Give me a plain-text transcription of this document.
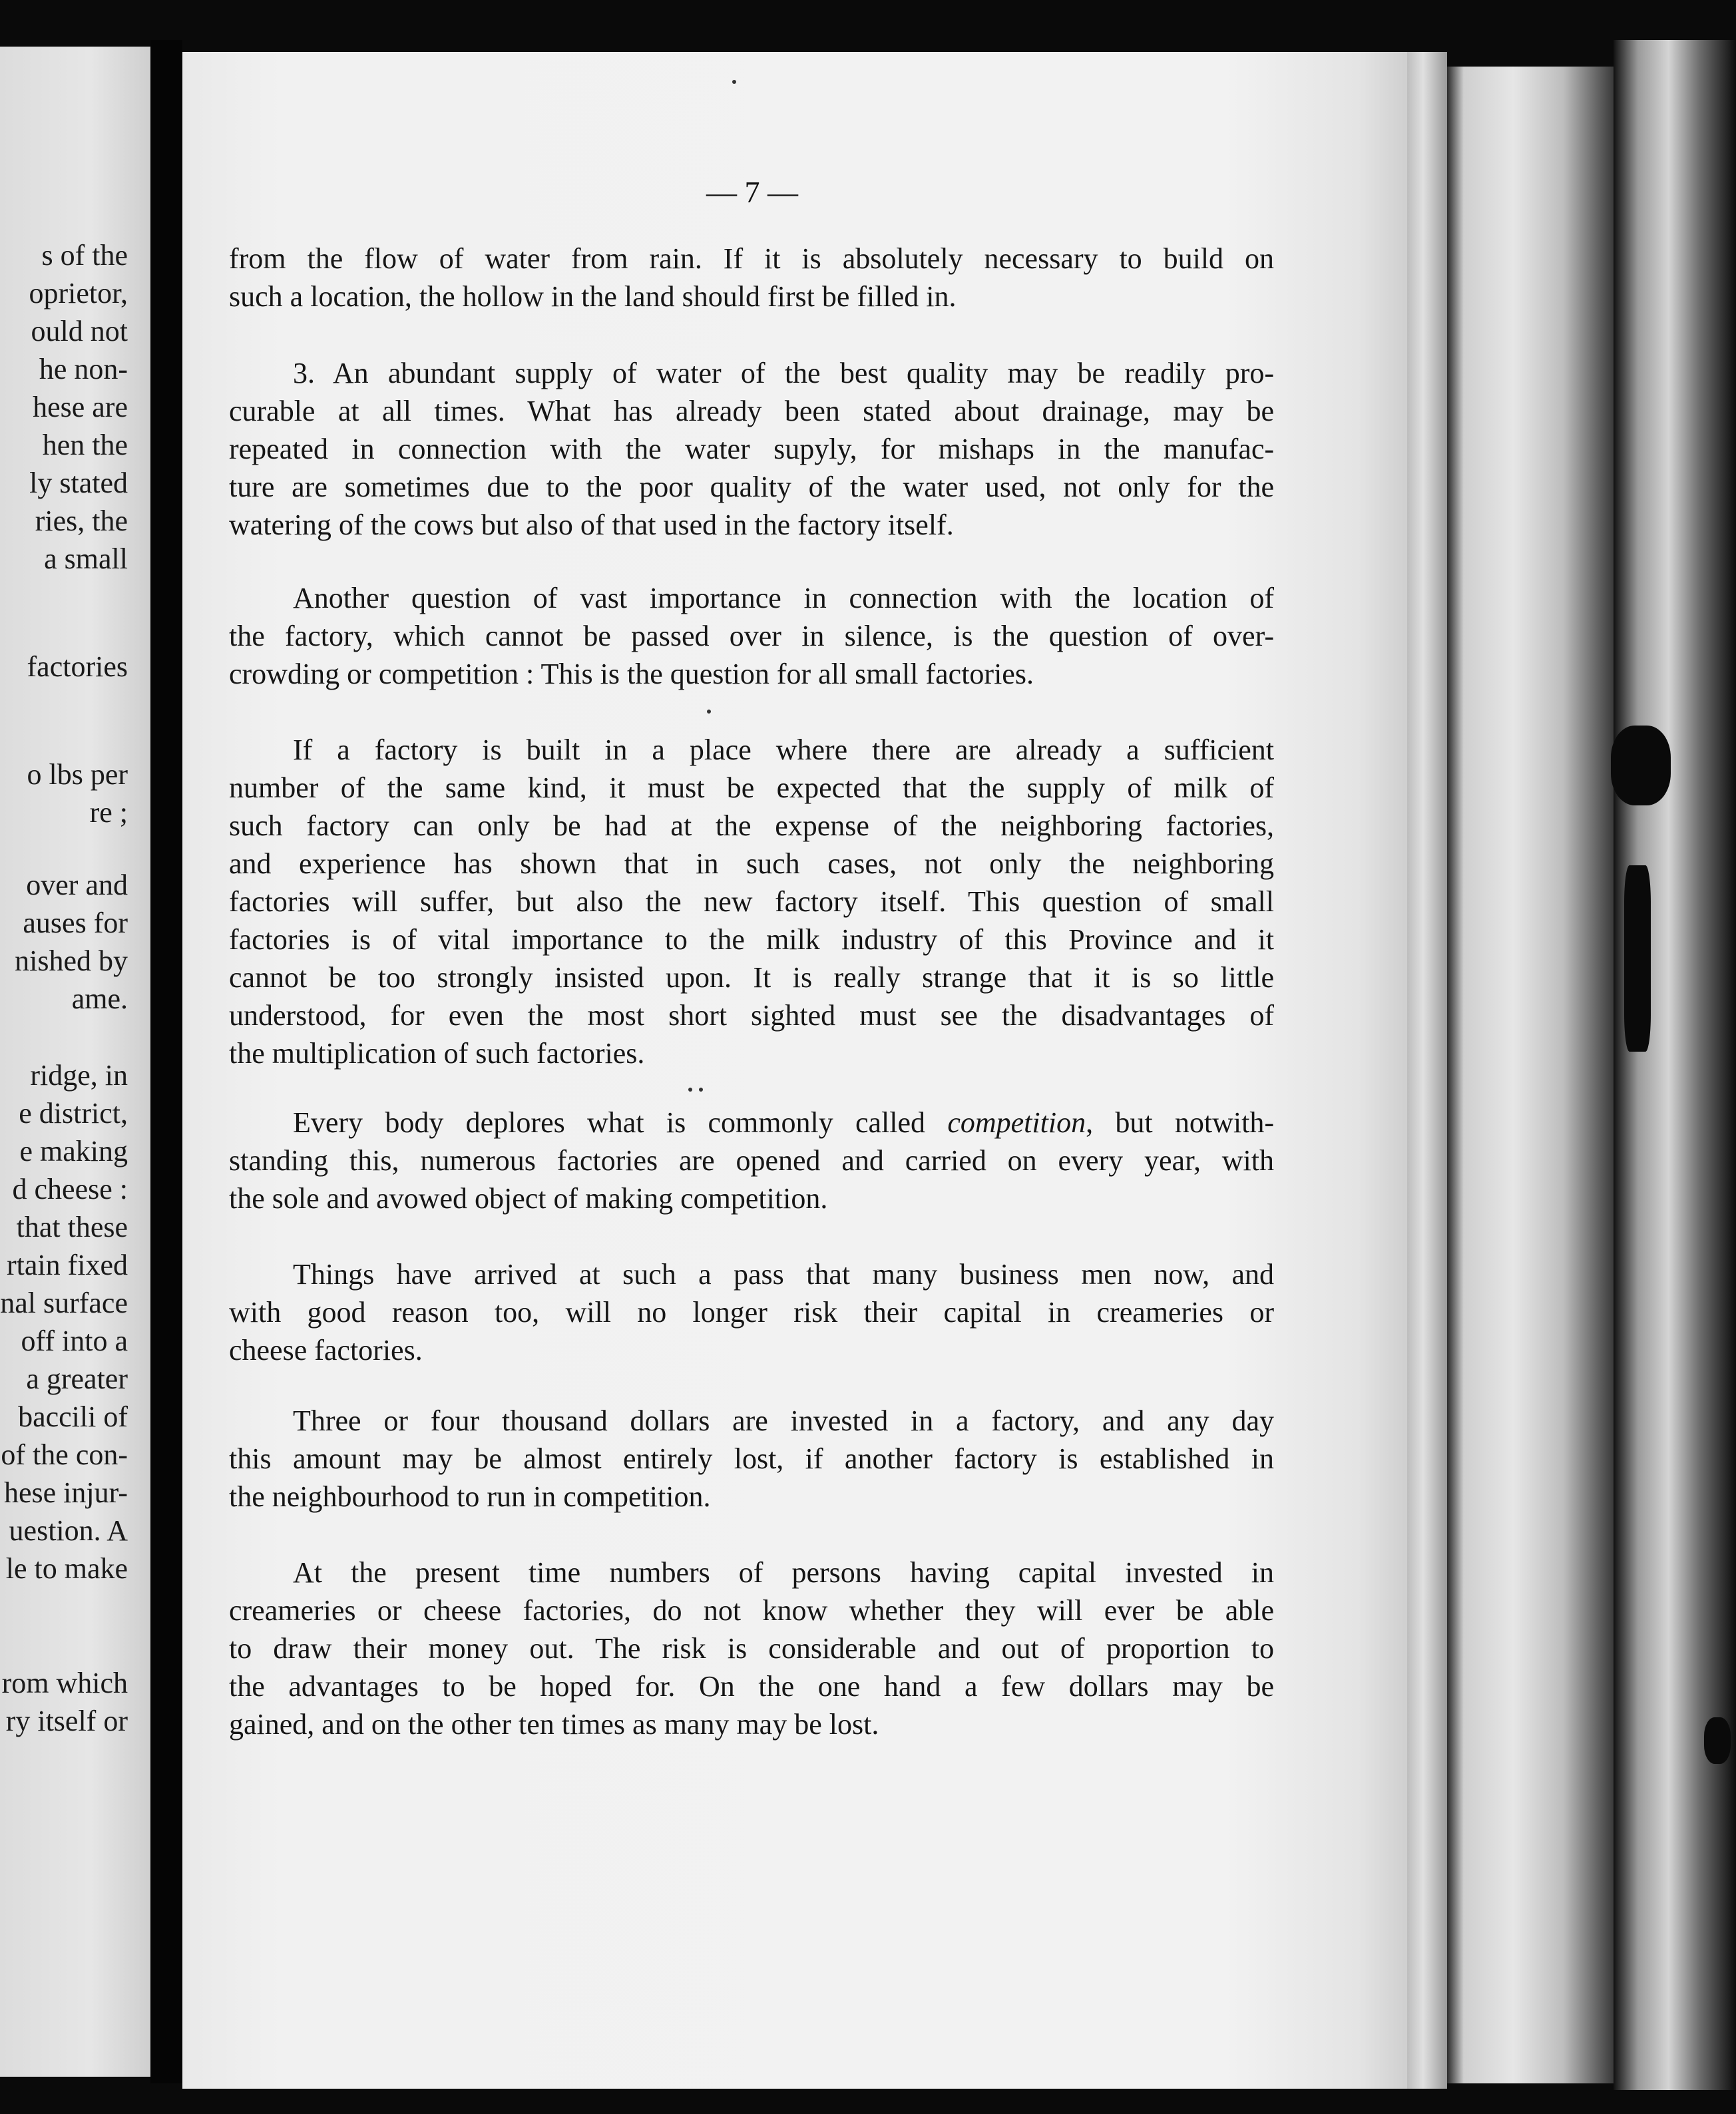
s of the
oprietor,
ould not
he non-
hese are
hen the
ly stated
ries, the
a small
factories
o lbs per
re ;
over and
auses for
nished by
ame.
ridge, in
e district,
e making
d cheese :
that these
rtain fixed
nal surface
off into a
a greater
baccili of
of the con-
hese injur-
uestion. A
le to make
rom which
ry itself or
— 7 —
from the flow of water from rain. If it is absolutely necessary to build on
such a location, the hollow in the land should first be filled in.
3. An abundant supply of water of the best quality may be readily pro-
curable at all times. What has already been stated about drainage, may be
repeated in connection with the water supyly, for mishaps in the manufac-
ture are sometimes due to the poor quality of the water used, not only for the
watering of the cows but also of that used in the factory itself.
Another question of vast importance in connection with the location of
the factory, which cannot be passed over in silence, is the question of over-
crowding or competition : This is the question for all small factories.
If a factory is built in a place where there are already a sufficient
number of the same kind, it must be expected that the supply of milk of
such factory can only be had at the expense of the neighboring factories,
and experience has shown that in such cases, not only the neighboring
factories will suffer, but also the new factory itself. This question of small
factories is of vital importance to the milk industry of this Province and it
cannot be too strongly insisted upon. It is really strange that it is so little
understood, for even the most short sighted must see the disadvantages of
the multiplication of such factories.
Every body deplores what is commonly called competition, but notwith-
standing this, numerous factories are opened and carried on every year, with
the sole and avowed object of making competition.
Things have arrived at such a pass that many business men now, and
with good reason too, will no longer risk their capital in creameries or
cheese factories.
Three or four thousand dollars are invested in a factory, and any day
this amount may be almost entirely lost, if another factory is established in
the neighbourhood to run in competition.
At the present time numbers of persons having capital invested in
creameries or cheese factories, do not know whether they will ever be able
to draw their money out. The risk is considerable and out of proportion to
the advantages to be hoped for. On the one hand a few dollars may be
gained, and on the other ten times as many may be lost.
